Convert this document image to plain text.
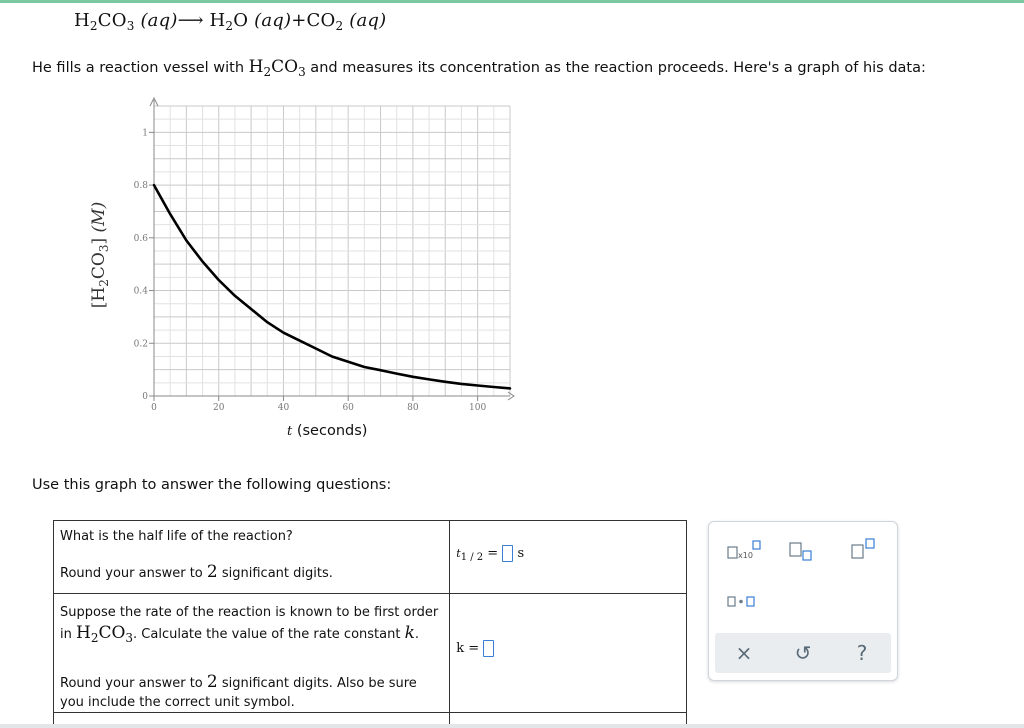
$H_2CO_3$ (aq)⟶ $H_2O$ $(aq)+CO_2$ (aq)
He fills a reaction vessel with $H_2CO_3$ and measures its concentration as the reaction proceeds. Here's a graph of his data:
0	20	40	60	80	100
0
0.2
0.4
0.6
0.8
1
$[H_2CO_3]$ (M)
t (seconds)
Use this graph to answer the following questions:
What is the half life of the reaction?
Round your answer to 2 significant digits.	$t_{1 / 2} = s$

Suppose the rate of the reaction is known to be first order in $H_2CO_3$. Calculate the value of the rate constant k.
Round your answer to 2 significant digits. Also be sure you include the correct unit symbol.	k =

x10
×	↺	?
